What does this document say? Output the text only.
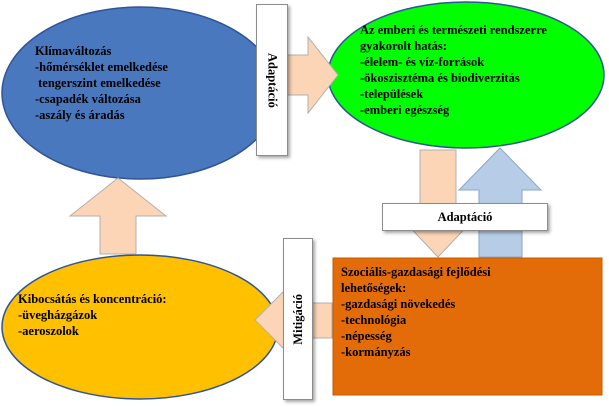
Klímaváltozás
-hőmérséklet emelkedése
tengerszint emelkedése
-csapadék változása
-aszály és áradás
Az emberi és természeti rendszerre
gyakorolt hatás:
-élelem- és víz-források
-ökoszisztéma és biodiverzitás
-települések
-emberi egészség
Kibocsátás és koncentráció:
-üvegházgázok
-aeroszolok
Szociális-gazdasági fejlődési
lehetőségek:
-gazdasági növekedés
-technológia
-népesség
-kormányzás
Adaptáció
Adaptáció
Mitigáció
